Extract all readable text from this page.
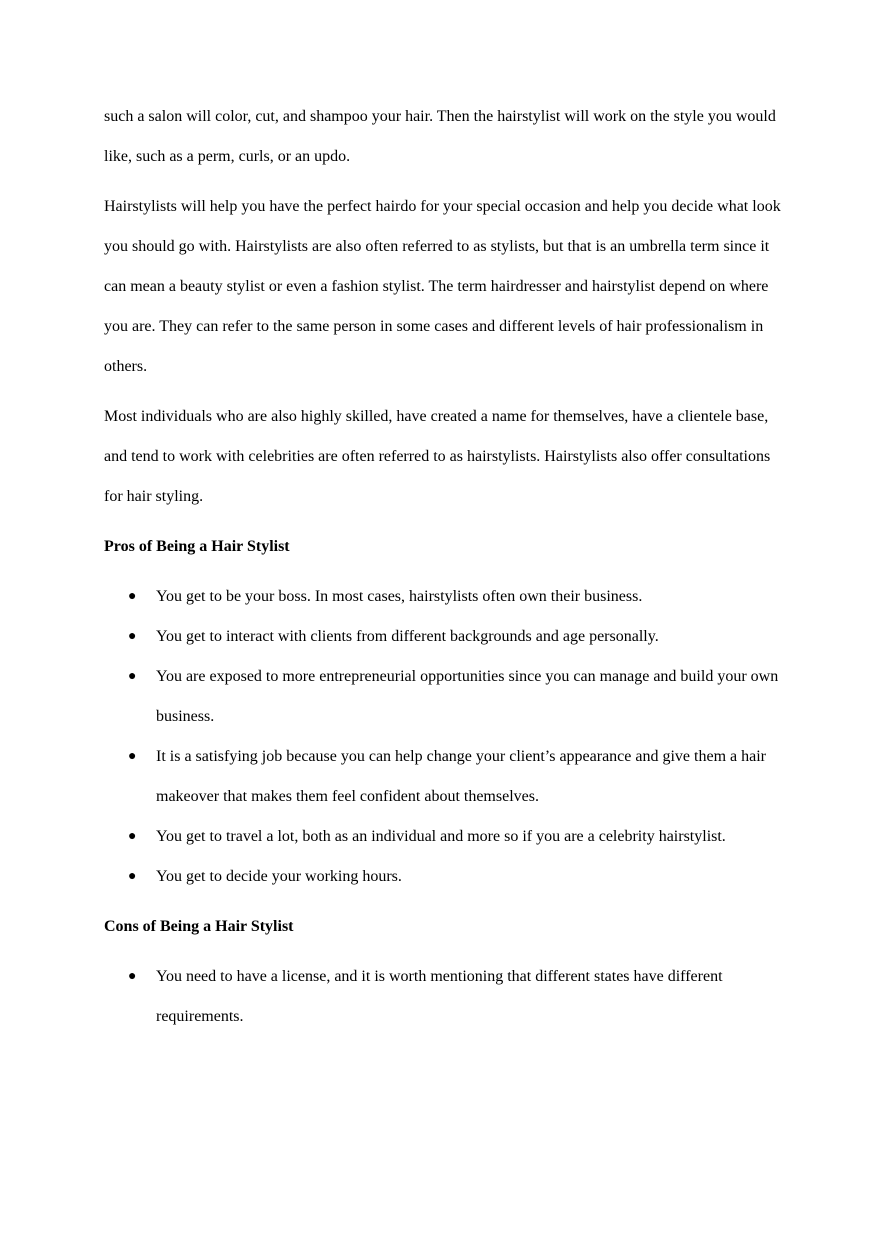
such a salon will color, cut, and shampoo your hair. Then the hairstylist will work on the style you would like, such as a perm, curls, or an updo.

Hairstylists will help you have the perfect hairdo for your special occasion and help you decide what look you should go with. Hairstylists are also often referred to as stylists, but that is an umbrella term since it can mean a beauty stylist or even a fashion stylist. The term hairdresser and hairstylist depend on where you are. They can refer to the same person in some cases and different levels of hair professionalism in others.

Most individuals who are also highly skilled, have created a name for themselves, have a clientele base, and tend to work with celebrities are often referred to as hairstylists. Hairstylists also offer consultations for hair styling.

Pros of Being a Hair Stylist
● You get to be your boss. In most cases, hairstylists often own their business.
● You get to interact with clients from different backgrounds and age personally.
● You are exposed to more entrepreneurial opportunities since you can manage and build your own business.
● It is a satisfying job because you can help change your client’s appearance and give them a hair makeover that makes them feel confident about themselves.
● You get to travel a lot, both as an individual and more so if you are a celebrity hairstylist.
● You get to decide your working hours.
Cons of Being a Hair Stylist
● You need to have a license, and it is worth mentioning that different states have different requirements.
